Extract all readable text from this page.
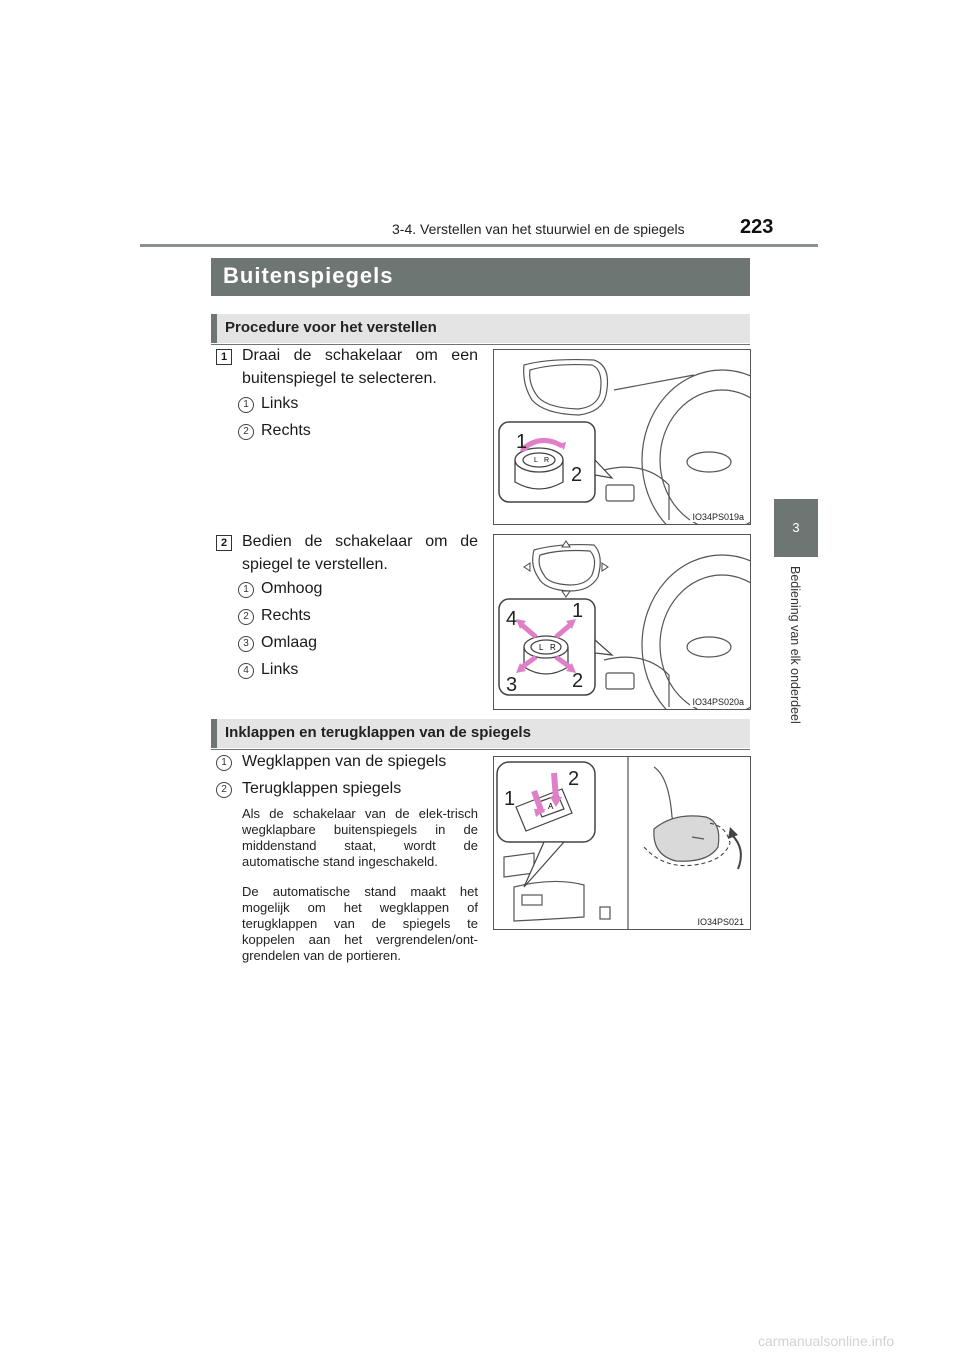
3-4. Verstellen van het stuurwiel en de spiegels	223
3
Bediening van elk onderdeel
Buitenspiegels
Procedure voor het verstellen
1 Draai de schakelaar om een buitenspiegel te selecteren.
1 Links
2 Rechts
L R
1
2
IO34PS019a
2 Bedien de schakelaar om de spiegel te verstellen.
1 Omhoog
2 Rechts
3 Omlaag
4 Links
L R
4	1
3	2
IO34PS020a
Inklappen en terugklappen van de spiegels
1 Wegklappen van de spiegels
2 Terugklappen spiegels
Als de schakelaar van de elek-trisch wegklapbare buitenspiegels in de middenstand staat, wordt de automatische stand ingeschakeld.
De automatische stand maakt het mogelijk om het wegklappen of terugklappen van de spiegels te koppelen aan het vergrendelen/ont-grendelen van de portieren.
A
1
2
IO34PS021
carmanualsonline.info
